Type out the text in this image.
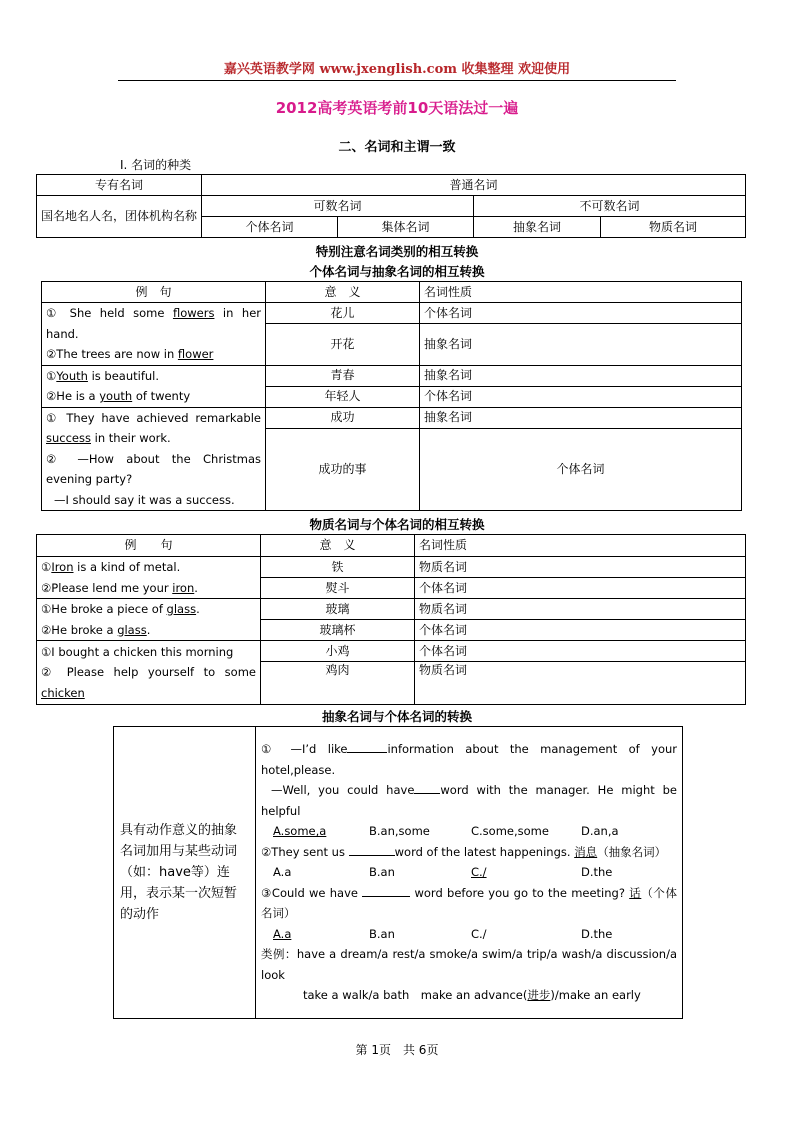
嘉兴英语教学网 www.jxenglish.com 收集整理 欢迎使用
2012高考英语考前10天语法过一遍
二、名词和主谓一致
I. 名词的种类
专有名词	普通名词			
国名地名人名，团体机构名称	可数名词		不可数名词	
	个体名词	集体名词	抽象名词	物质名词
特别注意名词类别的相互转换
个体名词与抽象名词的相互转换
例　句	意　义	名词性质
① She held some flowers in her hand.
②The trees are now in flower	花儿	个体名词
	开花	抽象名词
①Youth is beautiful.
②He is a youth of twenty	青春	抽象名词
	年轻人	个体名词
① They have achieved remarkable success in their work.
② —How about the Christmas evening party?
—I should say it was a success.	成功	抽象名词
	成功的事	个体名词
物质名词与个体名词的相互转换
例　　句	意　义	名词性质
①Iron is a kind of metal.
②Please lend me your iron.	铁	物质名词
	熨斗	个体名词
①He broke a piece of glass.
②He broke a glass.	玻璃	物质名词
	玻璃杯	个体名词
①I bought a chicken this morning
② Please help yourself to some chicken	小鸡	个体名词
	鸡肉	物质名词
抽象名词与个体名词的转换
具有动作意义的抽象名词加用与某些动词（如：have等）连用，表示某一次短暂的动作	
① —I’d like	information about the management of your hotel,please.
—Well, you could have word with the manager. He might be helpful
A.some,a	B.an,some	C.some,some	D.an,a
②They sent us	word of the latest happenings. 消息（抽象名词）
A.a	B.an	C./	D.the
③Could we have	word before you go to the meeting? 话（个体名词）
A.a	B.an	C./	D.the
类例：have a dream/a rest/a smoke/a swim/a trip/a wash/a discussion/a look
take a walk/a bath　make an advance(进步)/make an early
第 1页　共 6页
